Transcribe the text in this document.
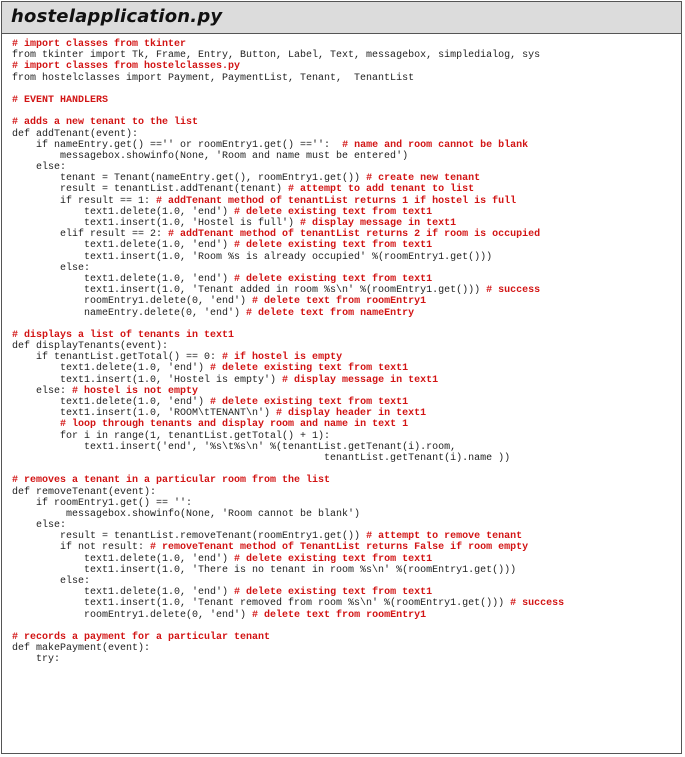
hostelapplication.py
# import classes from tkinter
from tkinter import Tk, Frame, Entry, Button, Label, Text, messagebox, simpledialog, sys
# import classes from hostelclasses.py
from hostelclasses import Payment, PaymentList, Tenant,  TenantList
# EVENT HANDLERS
# adds a new tenant to the list
def addTenant(event):
if nameEntry.get() =='' or roomEntry1.get() =='':  # name and room cannot be blank
messagebox.showinfo(None, 'Room and name must be entered')
else:
tenant = Tenant(nameEntry.get(), roomEntry1.get()) # create new tenant
result = tenantList.addTenant(tenant) # attempt to add tenant to list
if result == 1: # addTenant method of tenantList returns 1 if hostel is full
text1.delete(1.0, 'end') # delete existing text from text1
text1.insert(1.0, 'Hostel is full') # display message in text1
elif result == 2: # addTenant method of tenantList returns 2 if room is occupied
text1.delete(1.0, 'end') # delete existing text from text1
text1.insert(1.0, 'Room %s is already occupied' %(roomEntry1.get()))
else:
text1.delete(1.0, 'end') # delete existing text from text1
text1.insert(1.0, 'Tenant added in room %s\n' %(roomEntry1.get())) # success
roomEntry1.delete(0, 'end') # delete text from roomEntry1
nameEntry.delete(0, 'end') # delete text from nameEntry
# displays a list of tenants in text1
def displayTenants(event):
if tenantList.getTotal() == 0: # if hostel is empty
text1.delete(1.0, 'end') # delete existing text from text1
text1.insert(1.0, 'Hostel is empty') # display message in text1
else: # hostel is not empty
text1.delete(1.0, 'end') # delete existing text from text1
text1.insert(1.0, 'ROOM\tTENANT\n') # display header in text1
# loop through tenants and display room and name in text 1
for i in range(1, tenantList.getTotal() + 1):
text1.insert('end', '%s\t%s\n' %(tenantList.getTenant(i).room,
tenantList.getTenant(i).name ))
# removes a tenant in a particular room from the list
def removeTenant(event):
if roomEntry1.get() == '':
messagebox.showinfo(None, 'Room cannot be blank')
else:
result = tenantList.removeTenant(roomEntry1.get()) # attempt to remove tenant
if not result: # removeTenant method of TenantList returns False if room empty
text1.delete(1.0, 'end') # delete existing text from text1
text1.insert(1.0, 'There is no tenant in room %s\n' %(roomEntry1.get()))
else:
text1.delete(1.0, 'end') # delete existing text from text1
text1.insert(1.0, 'Tenant removed from room %s\n' %(roomEntry1.get())) # success
roomEntry1.delete(0, 'end') # delete text from roomEntry1
# records a payment for a particular tenant
def makePayment(event):
try:
